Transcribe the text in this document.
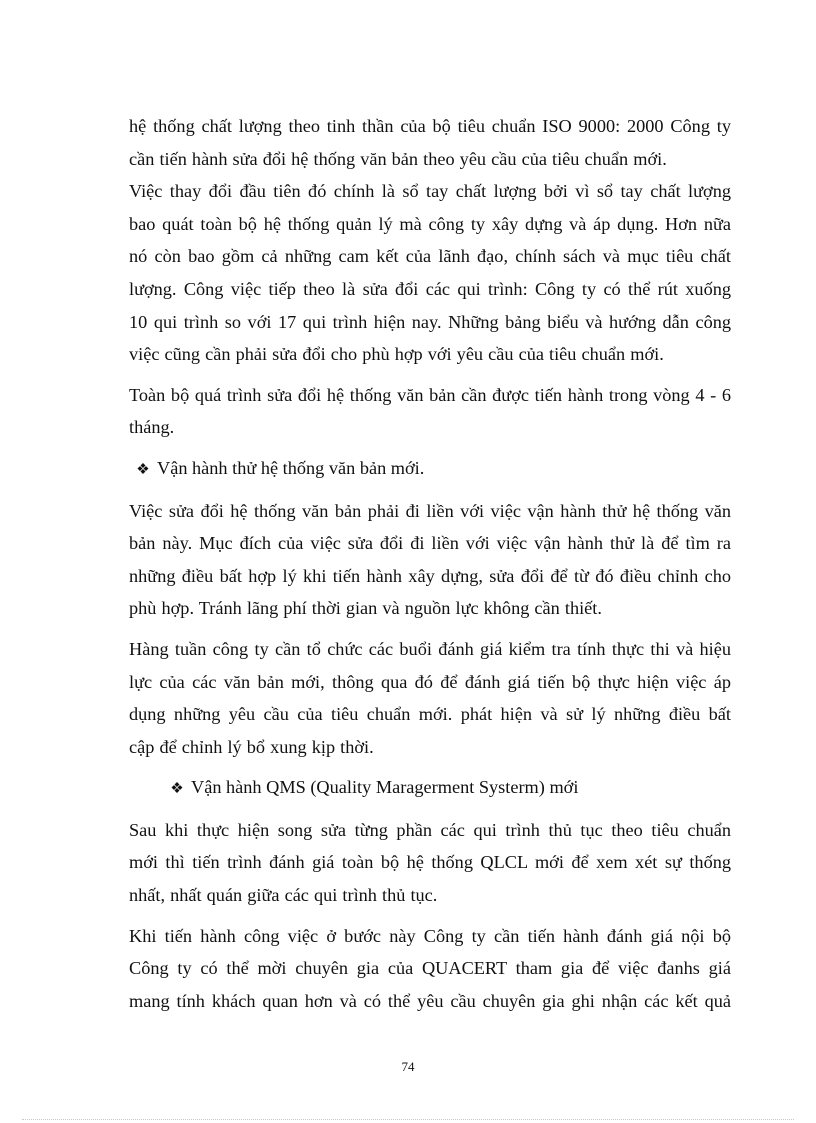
hệ thống chất lượng theo tinh thần của bộ tiêu chuẩn ISO 9000: 2000 Công ty
cần tiến hành sửa đổi hệ thống văn bản theo yêu cầu của tiêu chuẩn mới.

Việc thay đổi đầu tiên đó chính là sổ tay chất lượng bởi vì sổ tay chất lượng
bao quát toàn bộ hệ thống quản lý mà công ty xây dựng và áp dụng. Hơn nữa
nó còn bao gồm cả những cam kết của lãnh đạo, chính sách và mục tiêu chất
lượng. Công việc tiếp theo là sửa đổi các qui trình: Công ty có thể rút xuống
10 qui trình so với 17 qui trình hiện nay. Những bảng biểu và hướng dẫn công
việc cũng cần phải sửa đổi cho phù hợp với yêu cầu của tiêu chuẩn mới.

Toàn bộ quá trình sửa đổi hệ thống văn bản cần được tiến hành trong vòng 4 - 6
tháng.

❖ Vận hành thử hệ thống văn bản mới.

Việc sửa đổi hệ thống văn bản phải đi liền với việc vận hành thử hệ thống văn
bản này. Mục đích của việc sửa đổi đi liền với việc vận hành thử là để tìm ra
những điều bất hợp lý khi tiến hành xây dựng, sửa đổi để từ đó điều chỉnh cho
phù hợp. Tránh lãng phí thời gian và nguồn lực không cần thiết.

Hàng tuần công ty cần tổ chức các buổi đánh giá kiểm tra tính thực thi và hiệu
lực của các văn bản mới, thông qua đó để đánh giá tiến bộ thực hiện việc áp
dụng những yêu cầu của tiêu chuẩn mới. phát hiện và sử lý những điều bất
cập để chỉnh lý bổ xung kịp thời.

❖ Vận hành QMS (Quality Maragerment Systerm) mới

Sau khi thực hiện song sửa từng phần các qui trình thủ tục theo tiêu chuẩn
mới thì tiến trình đánh giá toàn bộ hệ thống QLCL mới để xem xét sự thống
nhất, nhất quán giữa các qui trình thủ tục.

Khi tiến hành công việc ở bước này Công ty cần tiến hành đánh giá nội bộ
Công ty có thể mời chuyên gia của QUACERT tham gia để việc đanhs giá
mang tính khách quan hơn và có thể yêu cầu chuyên gia ghi nhận các kết quả

74
